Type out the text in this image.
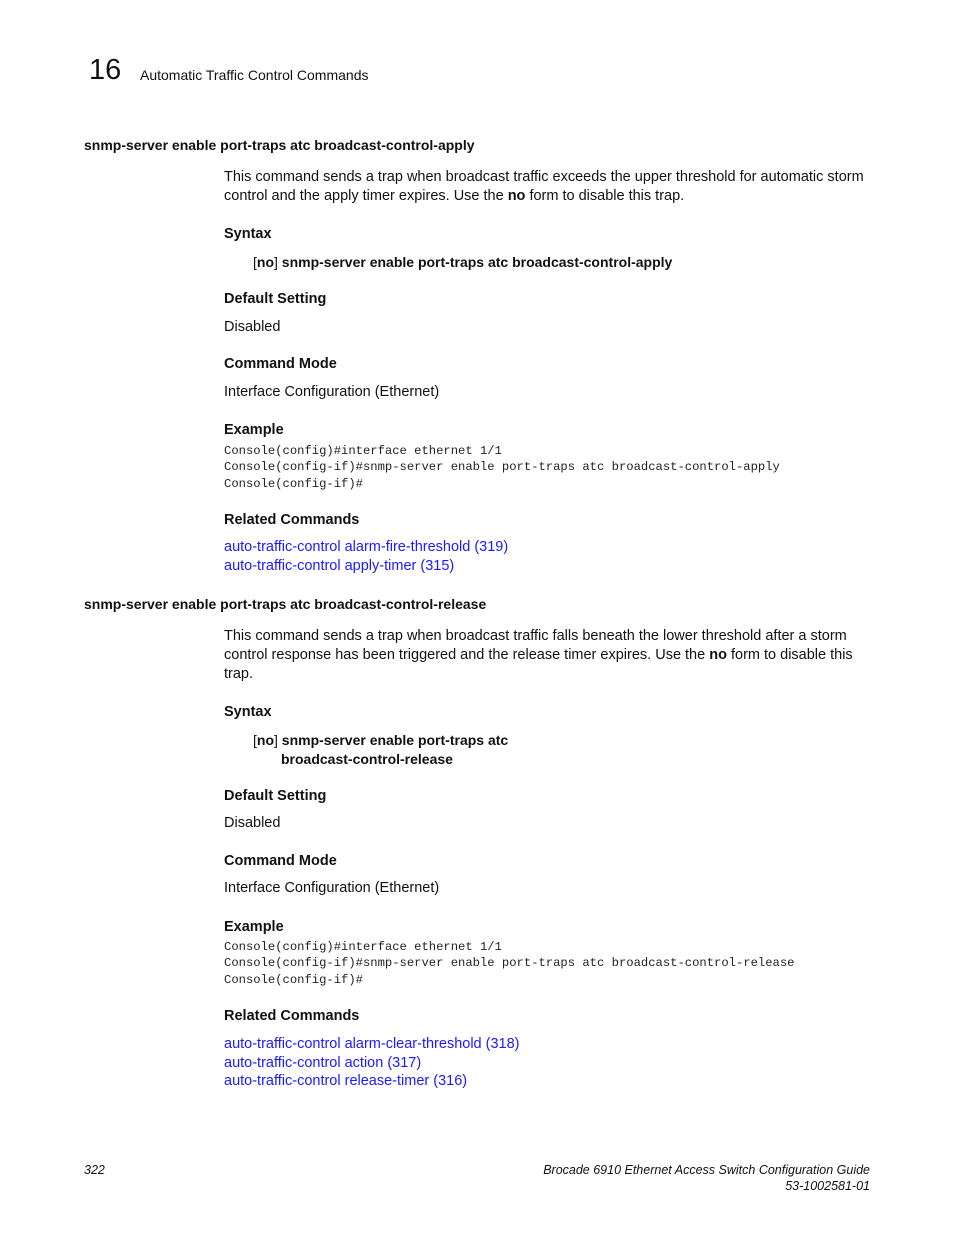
16 Automatic Traffic Control Commands
snmp-server enable port-traps atc broadcast-control-apply
This command sends a trap when broadcast traffic exceeds the upper threshold for automatic storm control and the apply timer expires. Use the no form to disable this trap.
Syntax
[no] snmp-server enable port-traps atc broadcast-control-apply
Default Setting
Disabled
Command Mode
Interface Configuration (Ethernet)
Example
Console(config)#interface ethernet 1/1
Console(config-if)#snmp-server enable port-traps atc broadcast-control-apply
Console(config-if)#
Related Commands
auto-traffic-control alarm-fire-threshold (319)
auto-traffic-control apply-timer (315)
snmp-server enable port-traps atc broadcast-control-release
This command sends a trap when broadcast traffic falls beneath the lower threshold after a storm control response has been triggered and the release timer expires. Use the no form to disable this trap.
Syntax
[no] snmp-server enable port-traps atc
broadcast-control-release
Default Setting
Disabled
Command Mode
Interface Configuration (Ethernet)
Example
Console(config)#interface ethernet 1/1
Console(config-if)#snmp-server enable port-traps atc broadcast-control-release
Console(config-if)#
Related Commands
auto-traffic-control alarm-clear-threshold (318)
auto-traffic-control action (317)
auto-traffic-control release-timer (316)
322	Brocade 6910 Ethernet Access Switch Configuration Guide
53-1002581-01
